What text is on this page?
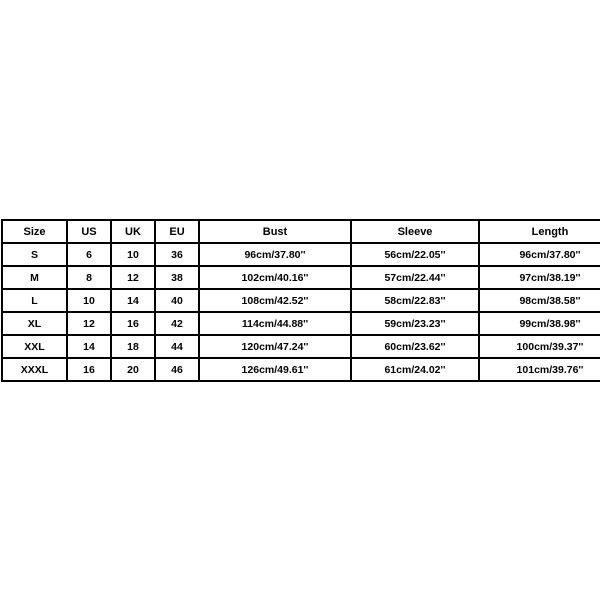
Size	US	UK	EU	Bust	Sleeve	Length
S	6	10	36	96cm/37.80''	56cm/22.05''	96cm/37.80''
M	8	12	38	102cm/40.16''	57cm/22.44''	97cm/38.19''
L	10	14	40	108cm/42.52''	58cm/22.83''	98cm/38.58''
XL	12	16	42	114cm/44.88''	59cm/23.23''	99cm/38.98''
XXL	14	18	44	120cm/47.24''	60cm/23.62''	100cm/39.37''
XXXL	16	20	46	126cm/49.61''	61cm/24.02''	101cm/39.76''
